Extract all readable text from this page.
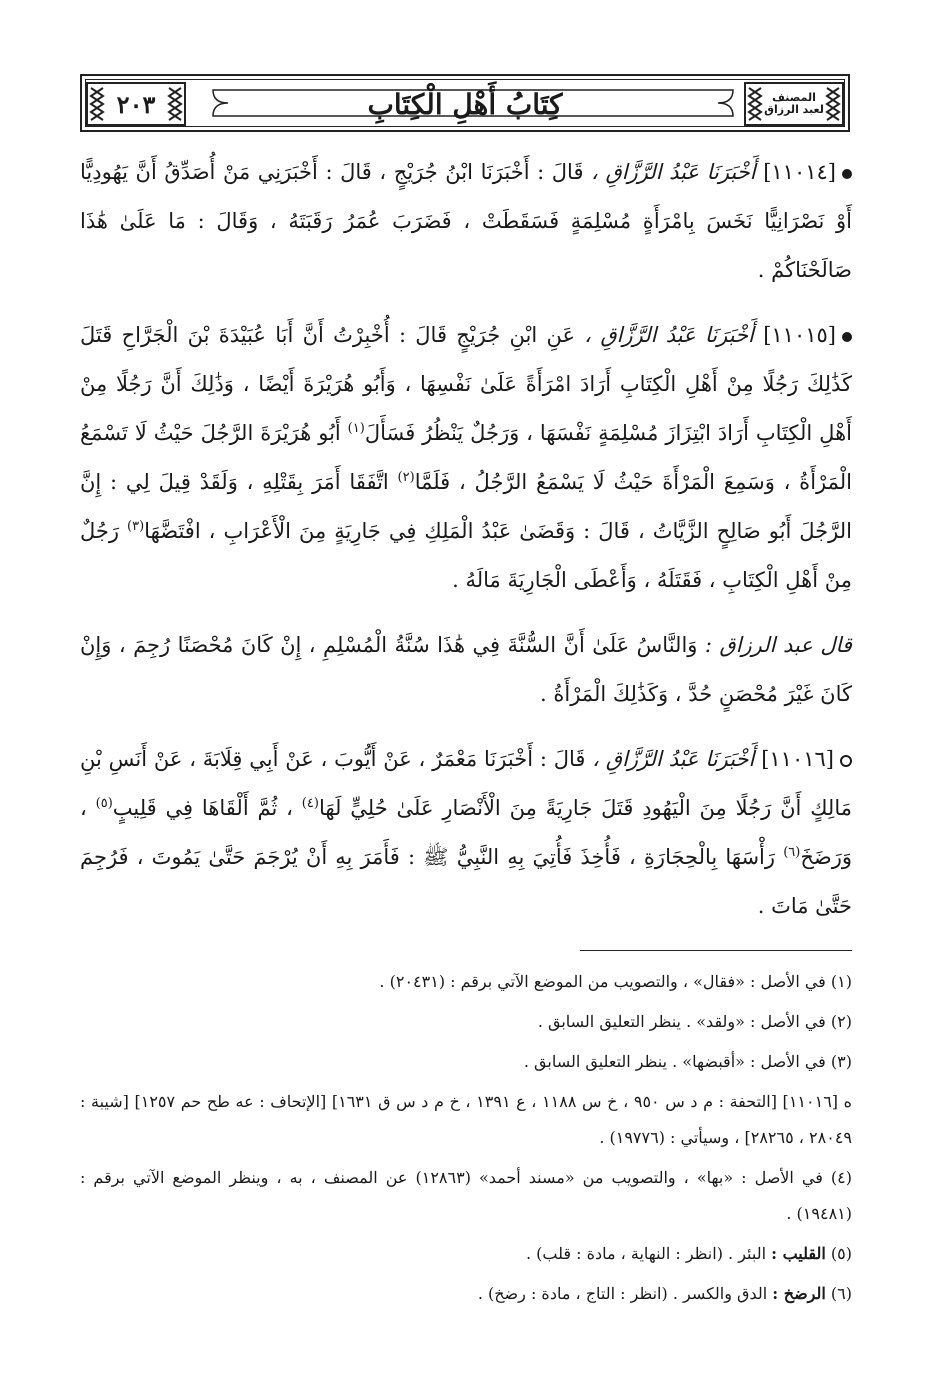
٢٠٣	كِتَابُ أَهْلِ الْكِتَابِ	المصنف
لعبد الرزاق

[١١٠١٤] أَخْبَرَنَا عَبْدُ الرَّزَّاقِ ، قَالَ : أَخْبَرَنَا ابْنُ جُرَيْجٍ ، قَالَ : أَخْبَرَنِي مَنْ أُصَدِّقُ أَنَّ يَهُودِيًّا أَوْ نَصْرَانِيًّا نَخَسَ بِامْرَأَةٍ مُسْلِمَةٍ فَسَقَطَتْ ، فَضَرَبَ عُمَرُ رَقَبَتَهُ ، وَقَالَ : مَا عَلَىٰ هَٰذَا صَالَحْنَاكُمْ .

[١١٠١٥] أَخْبَرَنَا عَبْدُ الرَّزَّاقِ ، عَنِ ابْنِ جُرَيْجٍ قَالَ : أُخْبِرْتُ أَنَّ أَبَا عُبَيْدَةَ بْنَ الْجَرَّاحِ قَتَلَ كَذَٰلِكَ رَجُلًا مِنْ أَهْلِ الْكِتَابِ أَرَادَ امْرَأَةً عَلَىٰ نَفْسِهَا ، وَأَبُو هُرَيْرَةَ أَيْضًا ، وَذَٰلِكَ أَنَّ رَجُلًا مِنْ أَهْلِ الْكِتَابِ أَرَادَ ابْتِزَازَ مُسْلِمَةٍ نَفْسَهَا ، وَرَجُلٌ يَنْظُرُ فَسَأَلَ$^{(١)}$ أَبُو هُرَيْرَةَ الرَّجُلَ حَيْثُ لَا تَسْمَعُ الْمَرْأَةُ ، وَسَمِعَ الْمَرْأَةَ حَيْثُ لَا يَسْمَعُ الرَّجُلُ ، فَلَمَّا$^{(٢)}$ اتَّفَقَا أَمَرَ بِقَتْلِهِ ، وَلَقَدْ قِيلَ لِي : إِنَّ الرَّجُلَ أَبُو صَالِحٍ الزَّيَّاتُ ، قَالَ : وَقَضَىٰ عَبْدُ الْمَلِكِ فِي جَارِيَةٍ مِنَ الْأَعْرَابِ ، افْتَضَّهَا$^{(٣)}$ رَجُلٌ مِنْ أَهْلِ الْكِتَابِ ، فَقَتَلَهُ ، وَأَعْطَى الْجَارِيَةَ مَالَهُ .

قال عبد الرزاق : وَالنَّاسُ عَلَىٰ أَنَّ السُّنَّةَ فِي هَٰذَا سُنَّةُ الْمُسْلِمِ ، إِنْ كَانَ مُحْصَنًا رُجِمَ ، وَإِنْ كَانَ غَيْرَ مُحْصَنٍ حُدَّ ، وَكَذَٰلِكَ الْمَرْأَةُ .

[١١٠١٦] أَخْبَرَنَا عَبْدُ الرَّزَّاقِ ، قَالَ : أَخْبَرَنَا مَعْمَرٌ ، عَنْ أَيُّوبَ ، عَنْ أَبِي قِلَابَةَ ، عَنْ أَنَسِ بْنِ مَالِكٍ أَنَّ رَجُلًا مِنَ الْيَهُودِ قَتَلَ جَارِيَةً مِنَ الْأَنْصَارِ عَلَىٰ حُلِيٍّ لَهَا$^{(٤)}$ ، ثُمَّ أَلْقَاهَا فِي قَلِيبٍ$^{(٥)}$ ، وَرَضَخَ$^{(٦)}$ رَأْسَهَا بِالْحِجَارَةِ ، فَأُخِذَ فَأُتِيَ بِهِ النَّبِيُّ ﷺ : فَأَمَرَ بِهِ أَنْ يُرْجَمَ حَتَّىٰ يَمُوتَ ، فَرُجِمَ حَتَّىٰ مَاتَ .

(١) في الأصل : «فقال» ، والتصويب من الموضع الآتي برقم : (٢٠٤٣١) .

(٢) في الأصل : «ولقد» . ينظر التعليق السابق .

(٣) في الأصل : «أقبضها» . ينظر التعليق السابق .

ه [١١٠١٦] [التحفة : م د س ٩٥٠ ، خ س ١١٨٨ ، ع ١٣٩١ ، خ م د س ق ١٦٣١] [الإتحاف : عه طح حم ١٢٥٧] [شيبة : ٢٨٠٤٩ ، ٢٨٢٦٥] ، وسيأتي : (١٩٧٧٦) .

(٤) في الأصل : «بها» ، والتصويب من «مسند أحمد» (١٢٨٦٣) عن المصنف ، به ، وينظر الموضع الآتي برقم : (١٩٤٨١) .

(٥) القليب : البئر . (انظر : النهاية ، مادة : قلب) .

(٦) الرضخ : الدق والكسر . (انظر : التاج ، مادة : رضخ) .
